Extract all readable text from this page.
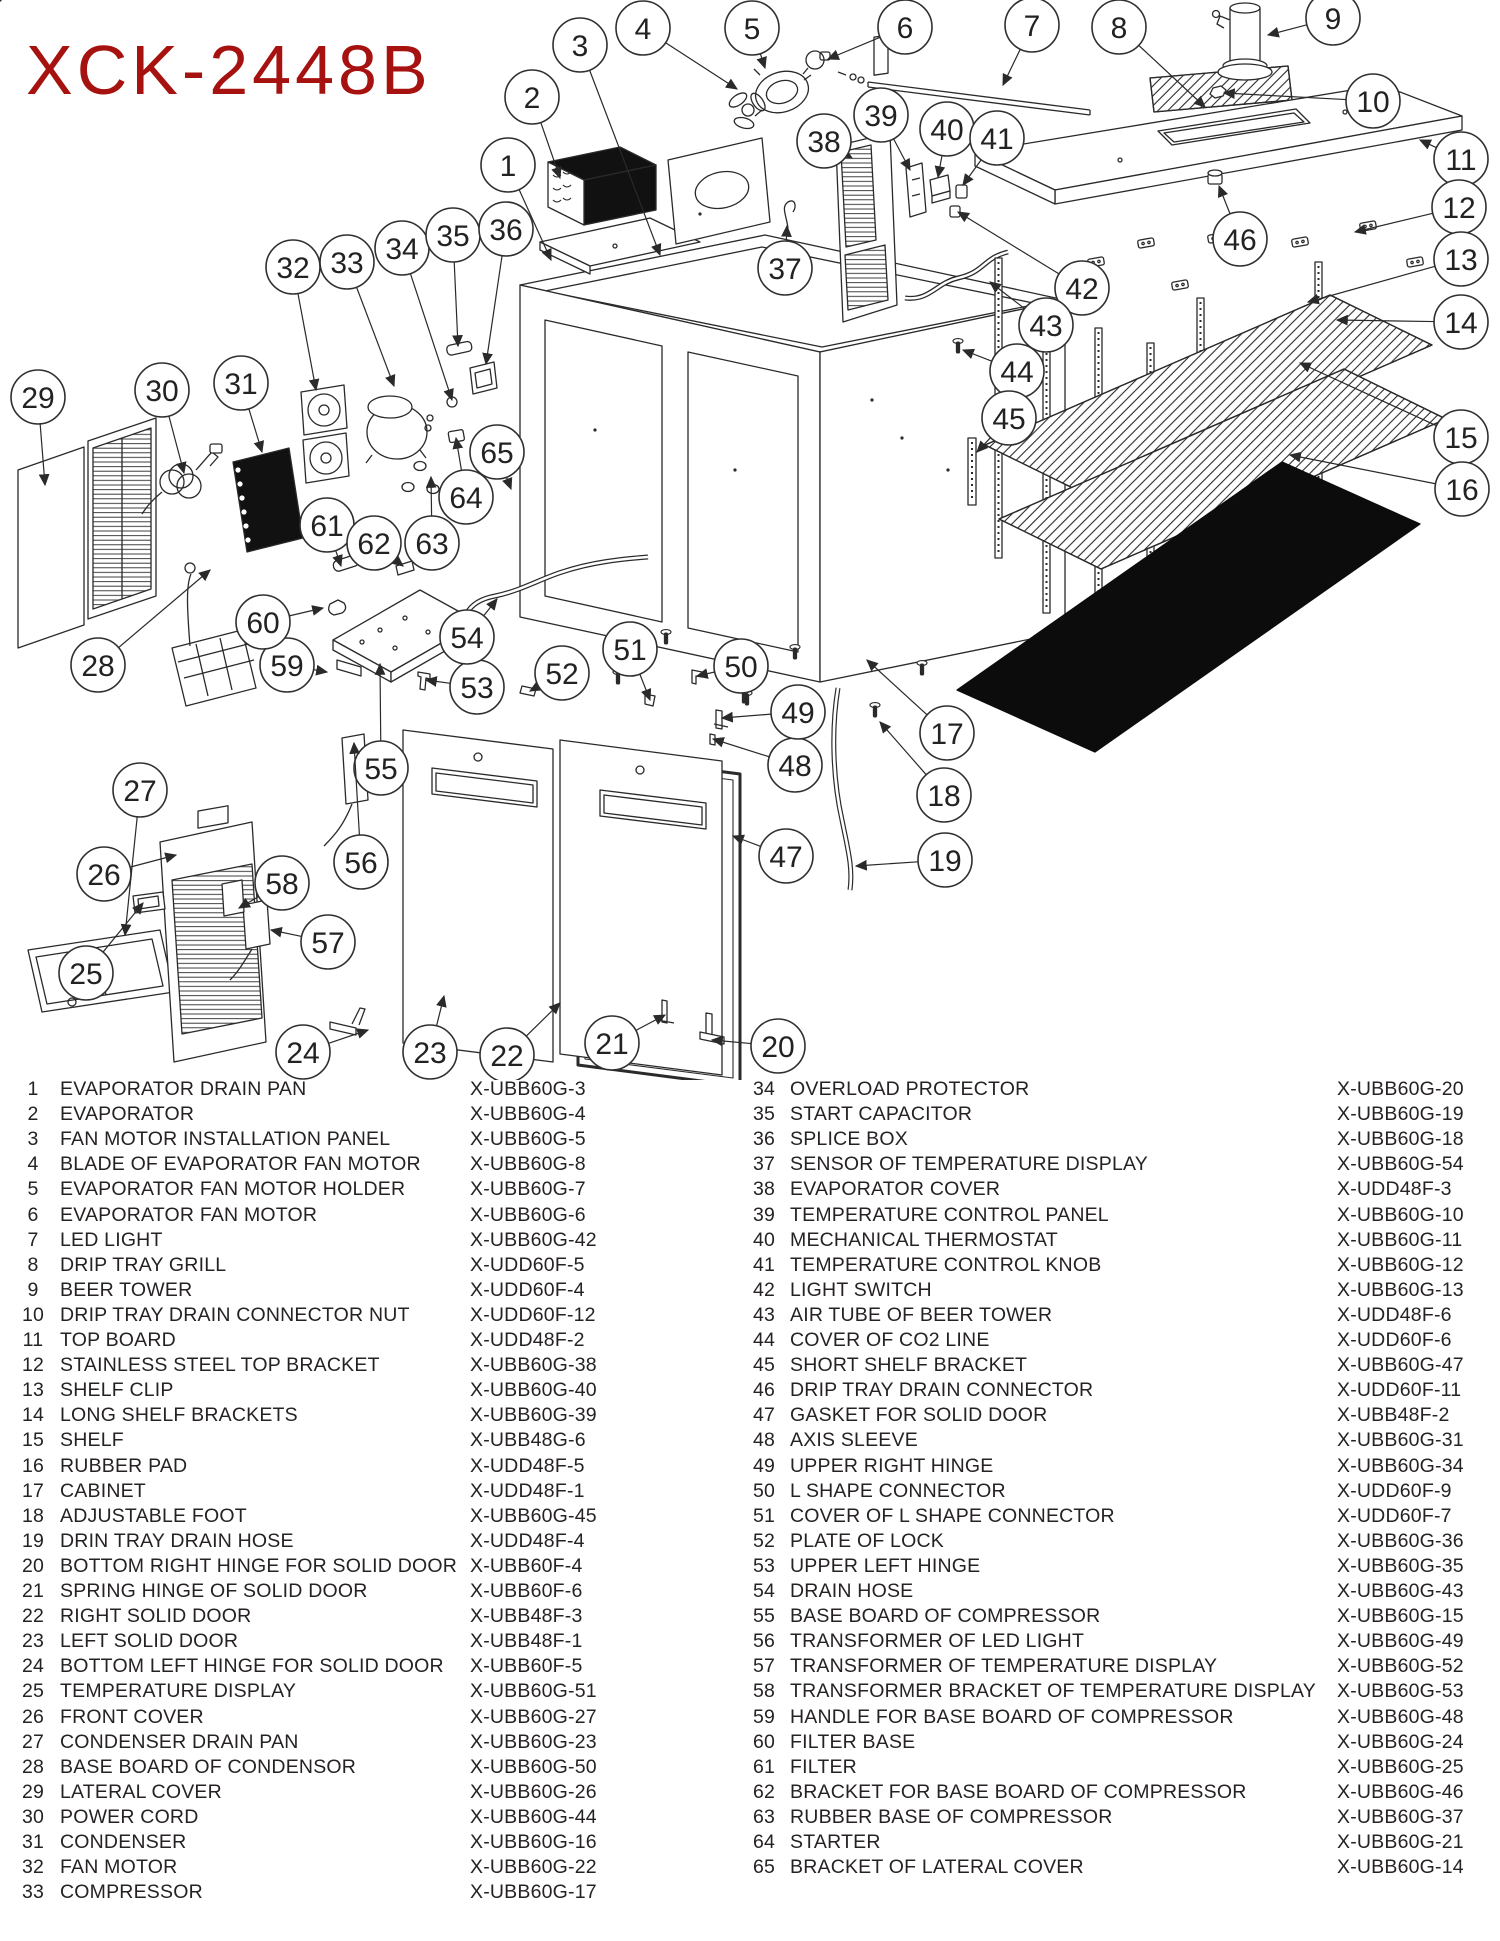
XCK-2448B
1
2
3
4	5	6	7 8	9
10
11
12
13
14
15
16
17
18
19
20
21
22
23
24
25
26
27
28
29	30 31
32 33 34 35 36
37
38
39 40 41
42
43
44
45
46
47
48
49
50
51
52
53
54
55
56
57
58
59
60
61
62 63
64
65
1	EVAPORATOR DRAIN PAN	X-UBB60G-3
2	EVAPORATOR	X-UBB60G-4
3	FAN MOTOR INSTALLATION PANEL	X-UBB60G-5
4	BLADE OF EVAPORATOR FAN MOTOR	X-UBB60G-8
5	EVAPORATOR FAN MOTOR HOLDER	X-UBB60G-7
6	EVAPORATOR FAN MOTOR	X-UBB60G-6
7	LED LIGHT	X-UBB60G-42
8	DRIP TRAY GRILL	X-UDD60F-5
9	BEER TOWER	X-UDD60F-4
10 DRIP TRAY DRAIN CONNECTOR NUT	X-UDD60F-12
11 TOP BOARD	X-UDD48F-2
12 STAINLESS STEEL TOP BRACKET	X-UBB60G-38
13 SHELF CLIP	X-UBB60G-40
14 LONG SHELF BRACKETS	X-UBB60G-39
15 SHELF	X-UBB48G-6
16 RUBBER PAD	X-UDD48F-5
17 CABINET	X-UDD48F-1
18 ADJUSTABLE FOOT	X-UBB60G-45
19 DRIN TRAY DRAIN HOSE	X-UDD48F-4
20 BOTTOM RIGHT HINGE FOR SOLID DOOR X-UBB60F-4
21 SPRING HINGE OF SOLID DOOR	X-UBB60F-6
22 RIGHT SOLID DOOR	X-UBB48F-3
23 LEFT SOLID DOOR	X-UBB48F-1
24 BOTTOM LEFT HINGE FOR SOLID DOOR X-UBB60F-5
25 TEMPERATURE DISPLAY	X-UBB60G-51
26 FRONT COVER	X-UBB60G-27
27 CONDENSER DRAIN PAN	X-UBB60G-23
28 BASE BOARD OF CONDENSOR	X-UBB60G-50
29 LATERAL COVER	X-UBB60G-26
30 POWER CORD	X-UBB60G-44
31 CONDENSER	X-UBB60G-16
32 FAN MOTOR	X-UBB60G-22
33 COMPRESSOR	X-UBB60G-17
34 OVERLOAD PROTECTOR	X-UBB60G-20
35 START CAPACITOR	X-UBB60G-19
36 SPLICE BOX	X-UBB60G-18
37 SENSOR OF TEMPERATURE DISPLAY	X-UBB60G-54
38 EVAPORATOR COVER	X-UDD48F-3
39 TEMPERATURE CONTROL PANEL	X-UBB60G-10
40 MECHANICAL THERMOSTAT	X-UBB60G-11
41 TEMPERATURE CONTROL KNOB	X-UBB60G-12
42 LIGHT SWITCH	X-UBB60G-13
43 AIR TUBE OF BEER TOWER	X-UDD48F-6
44 COVER OF CO2 LINE	X-UDD60F-6
45 SHORT SHELF BRACKET	X-UBB60G-47
46 DRIP TRAY DRAIN CONNECTOR	X-UDD60F-11
47 GASKET FOR SOLID DOOR	X-UBB48F-2
48 AXIS SLEEVE	X-UBB60G-31
49 UPPER RIGHT HINGE	X-UBB60G-34
50 L SHAPE CONNECTOR	X-UDD60F-9
51 COVER OF L SHAPE CONNECTOR	X-UDD60F-7
52 PLATE OF LOCK	X-UBB60G-36
53 UPPER LEFT HINGE	X-UBB60G-35
54 DRAIN HOSE	X-UBB60G-43
55 BASE BOARD OF COMPRESSOR	X-UBB60G-15
56 TRANSFORMER OF LED LIGHT	X-UBB60G-49
57 TRANSFORMER OF TEMPERATURE DISPLAY	X-UBB60G-52
58 TRANSFORMER BRACKET OF TEMPERATURE DISPLAY X-UBB60G-53
59 HANDLE FOR BASE BOARD OF COMPRESSOR	X-UBB60G-48
60 FILTER BASE	X-UBB60G-24
61 FILTER	X-UBB60G-25
62 BRACKET FOR BASE BOARD OF COMPRESSOR	X-UBB60G-46
63 RUBBER BASE OF COMPRESSOR	X-UBB60G-37
64 STARTER	X-UBB60G-21
65 BRACKET OF LATERAL COVER	X-UBB60G-14
